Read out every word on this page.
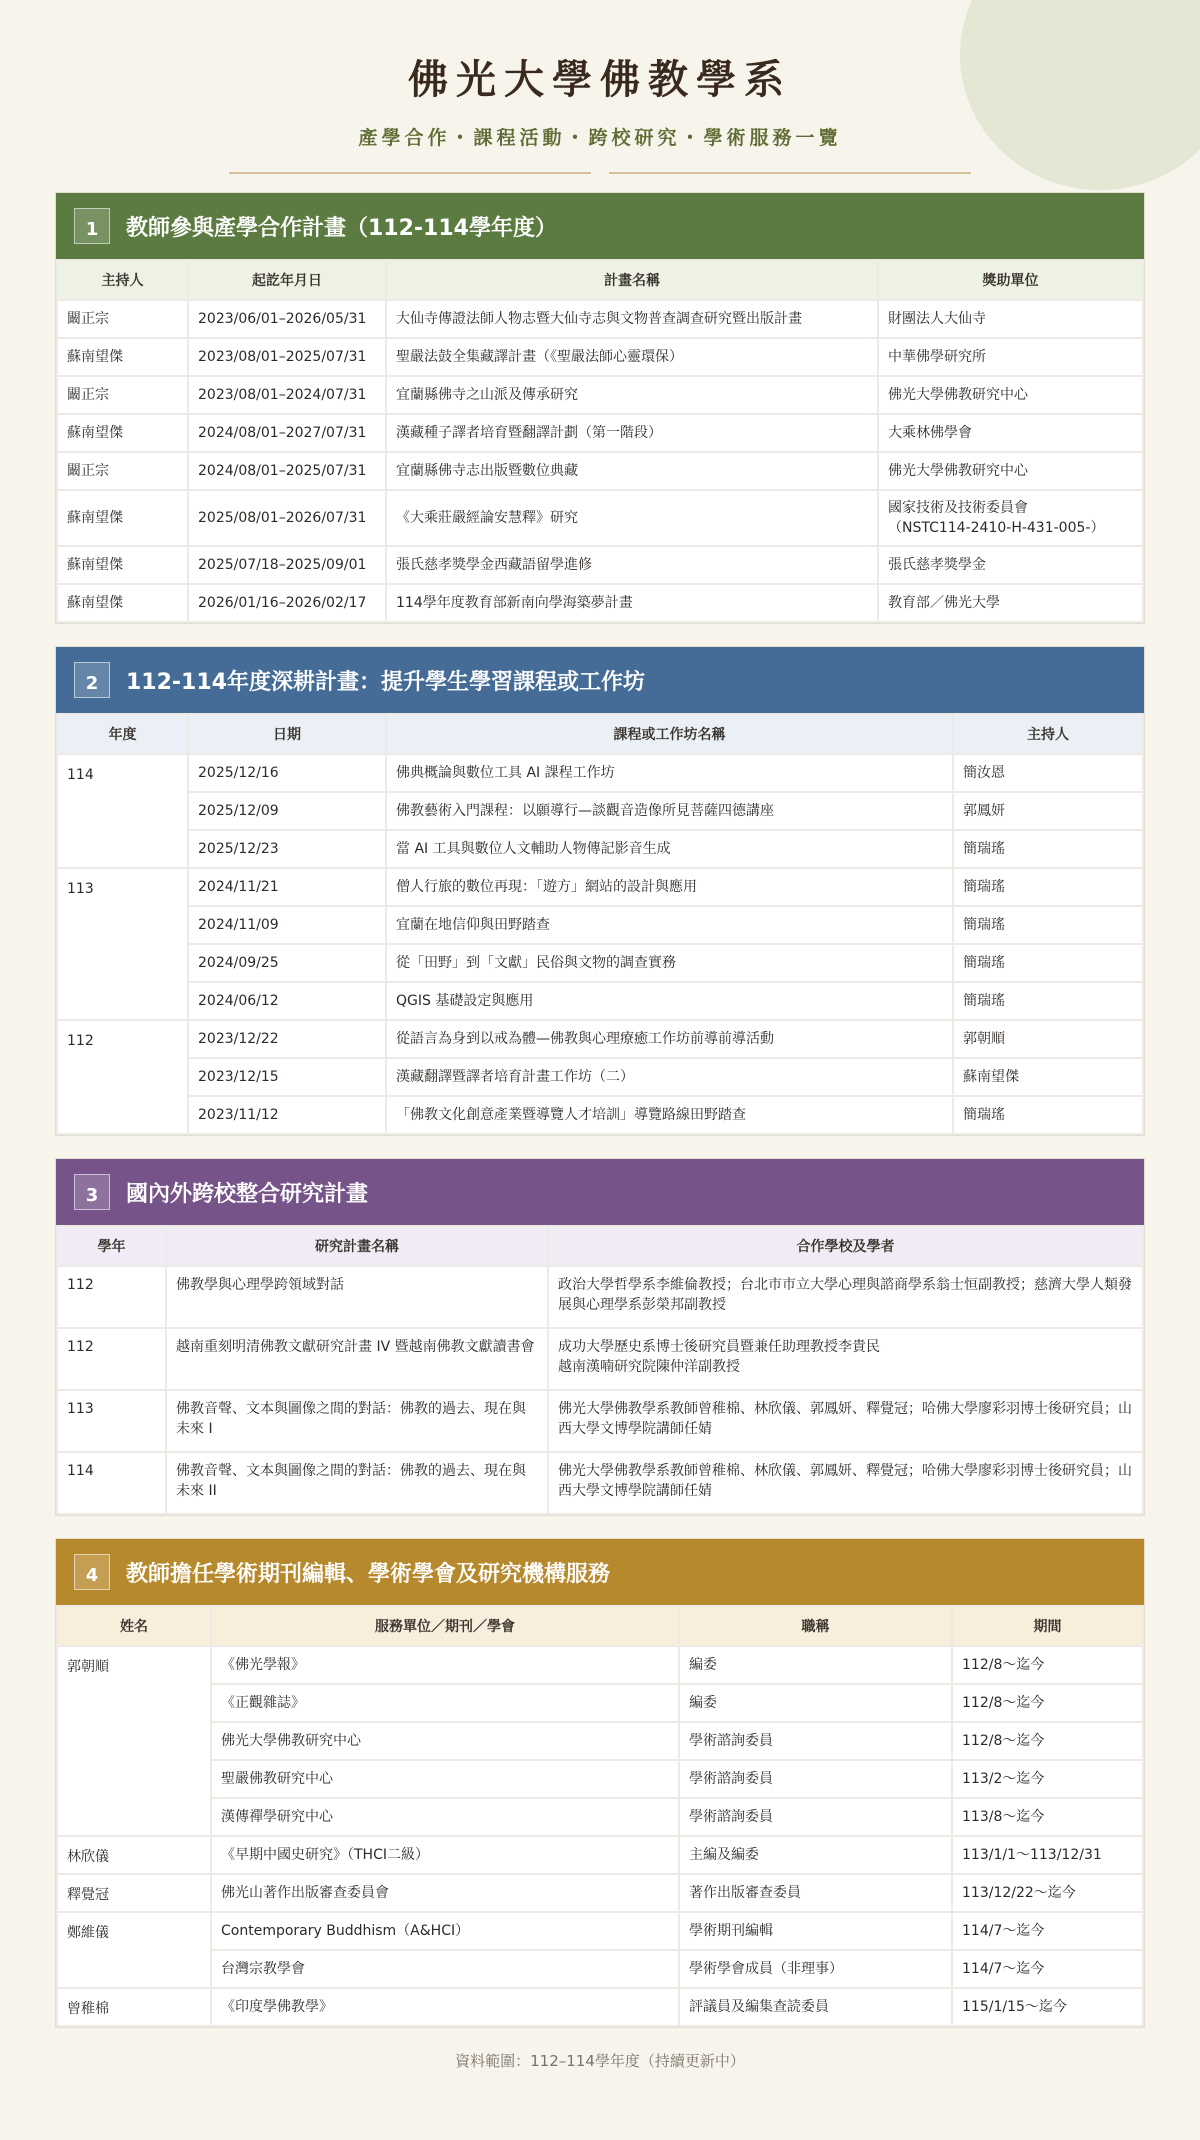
佛光大學佛教學系
產學合作・課程活動・跨校研究・學術服務一覽
1	教師參與產學合作計畫（112-114學年度）
主持人	起訖年月日	計畫名稱	獎助單位
闞正宗	2023/06/01–2026/05/31	大仙寺傳證法師人物志暨大仙寺志與文物普查調查研究暨出版計畫	財團法人大仙寺
蘇南望傑	2023/08/01–2025/07/31	聖嚴法鼓全集藏譯計畫（《聖嚴法師心靈環保）	中華佛學研究所
闞正宗	2023/08/01–2024/07/31	宜蘭縣佛寺之山派及傳承研究	佛光大學佛教研究中心
蘇南望傑	2024/08/01–2027/07/31	漢藏種子譯者培育暨翻譯計劃（第一階段）	大乘林佛學會
闞正宗	2024/08/01–2025/07/31	宜蘭縣佛寺志出版暨數位典藏	佛光大學佛教研究中心
蘇南望傑	2025/08/01–2026/07/31	《大乘莊嚴經論安慧釋》研究	國家技術及技術委員會
（NSTC114-2410-H-431-005-）
蘇南望傑	2025/07/18–2025/09/01	張氏慈孝獎學金西藏語留學進修	張氏慈孝獎學金
蘇南望傑	2026/01/16–2026/02/17	114學年度教育部新南向學海築夢計畫	教育部／佛光大學
2	112-114年度深耕計畫：提升學生學習課程或工作坊
年度	日期	課程或工作坊名稱	主持人
114	2025/12/16	佛典概論與數位工具 AI 課程工作坊	簡汝恩
	2025/12/09	佛教藝術入門課程：以願導行—談觀音造像所見菩薩四德講座	郭鳳妍
	2025/12/23	當 AI 工具與數位人文輔助人物傳記影音生成	簡瑞瑤
113	2024/11/21	僧人行旅的數位再現：「遊方」網站的設計與應用	簡瑞瑤
	2024/11/09	宜蘭在地信仰與田野踏查	簡瑞瑤
	2024/09/25	從「田野」到「文獻」民俗與文物的調查實務	簡瑞瑤
	2024/06/12	QGIS 基礎設定與應用	簡瑞瑤
112	2023/12/22	從語言為身到以戒為體—佛教與心理療癒工作坊前導前導活動	郭朝順
	2023/12/15	漢藏翻譯暨譯者培育計畫工作坊（二）	蘇南望傑
	2023/11/12	「佛教文化創意產業暨導覽人才培訓」導覽路線田野踏查	簡瑞瑤
3	國內外跨校整合研究計畫
學年	研究計畫名稱	合作學校及學者
112	佛教學與心理學跨領域對話	政治大學哲學系李維倫教授；台北市市立大學心理與諮商學系翁士恒副教授；慈濟大學人類發展與心理學系彭榮邦副教授
112	越南重刻明清佛教文獻研究計畫 IV 暨越南佛教文獻讀書會	成功大學歷史系博士後研究員暨兼任助理教授李貴民
越南漢喃研究院陳仲洋副教授
113	佛教音聲、文本與圖像之間的對話：佛教的過去、現在與未來 I	佛光大學佛教學系教師曾稚棉、林欣儀、郭鳳妍、釋覺冠；哈佛大學廖彩羽博士後研究員；山西大學文博學院講師任婧
114	佛教音聲、文本與圖像之間的對話：佛教的過去、現在與未來 II	佛光大學佛教學系教師曾稚棉、林欣儀、郭鳳妍、釋覺冠；哈佛大學廖彩羽博士後研究員；山西大學文博學院講師任婧
4	教師擔任學術期刊編輯、學術學會及研究機構服務
姓名	服務單位／期刊／學會	職稱	期間
郭朝順	《佛光學報》	編委	112/8～迄今
	《正觀雜誌》	編委	112/8～迄今
	佛光大學佛教研究中心	學術諮詢委員	112/8～迄今
	聖嚴佛教研究中心	學術諮詢委員	113/2～迄今
	漢傳禪學研究中心	學術諮詢委員	113/8～迄今
林欣儀	《早期中國史研究》（THCI二級）	主編及編委	113/1/1～113/12/31
釋覺冠	佛光山著作出版審查委員會	著作出版審查委員	113/12/22～迄今
鄭維儀	Contemporary Buddhism（A&HCI）	學術期刊編輯	114/7～迄今
	台灣宗教學會	學術學會成員（非理事）	114/7～迄今
曾稚棉	《印度學佛教學》	評議員及編集查読委員	115/1/15～迄今
資料範圍：112–114學年度（持續更新中）
